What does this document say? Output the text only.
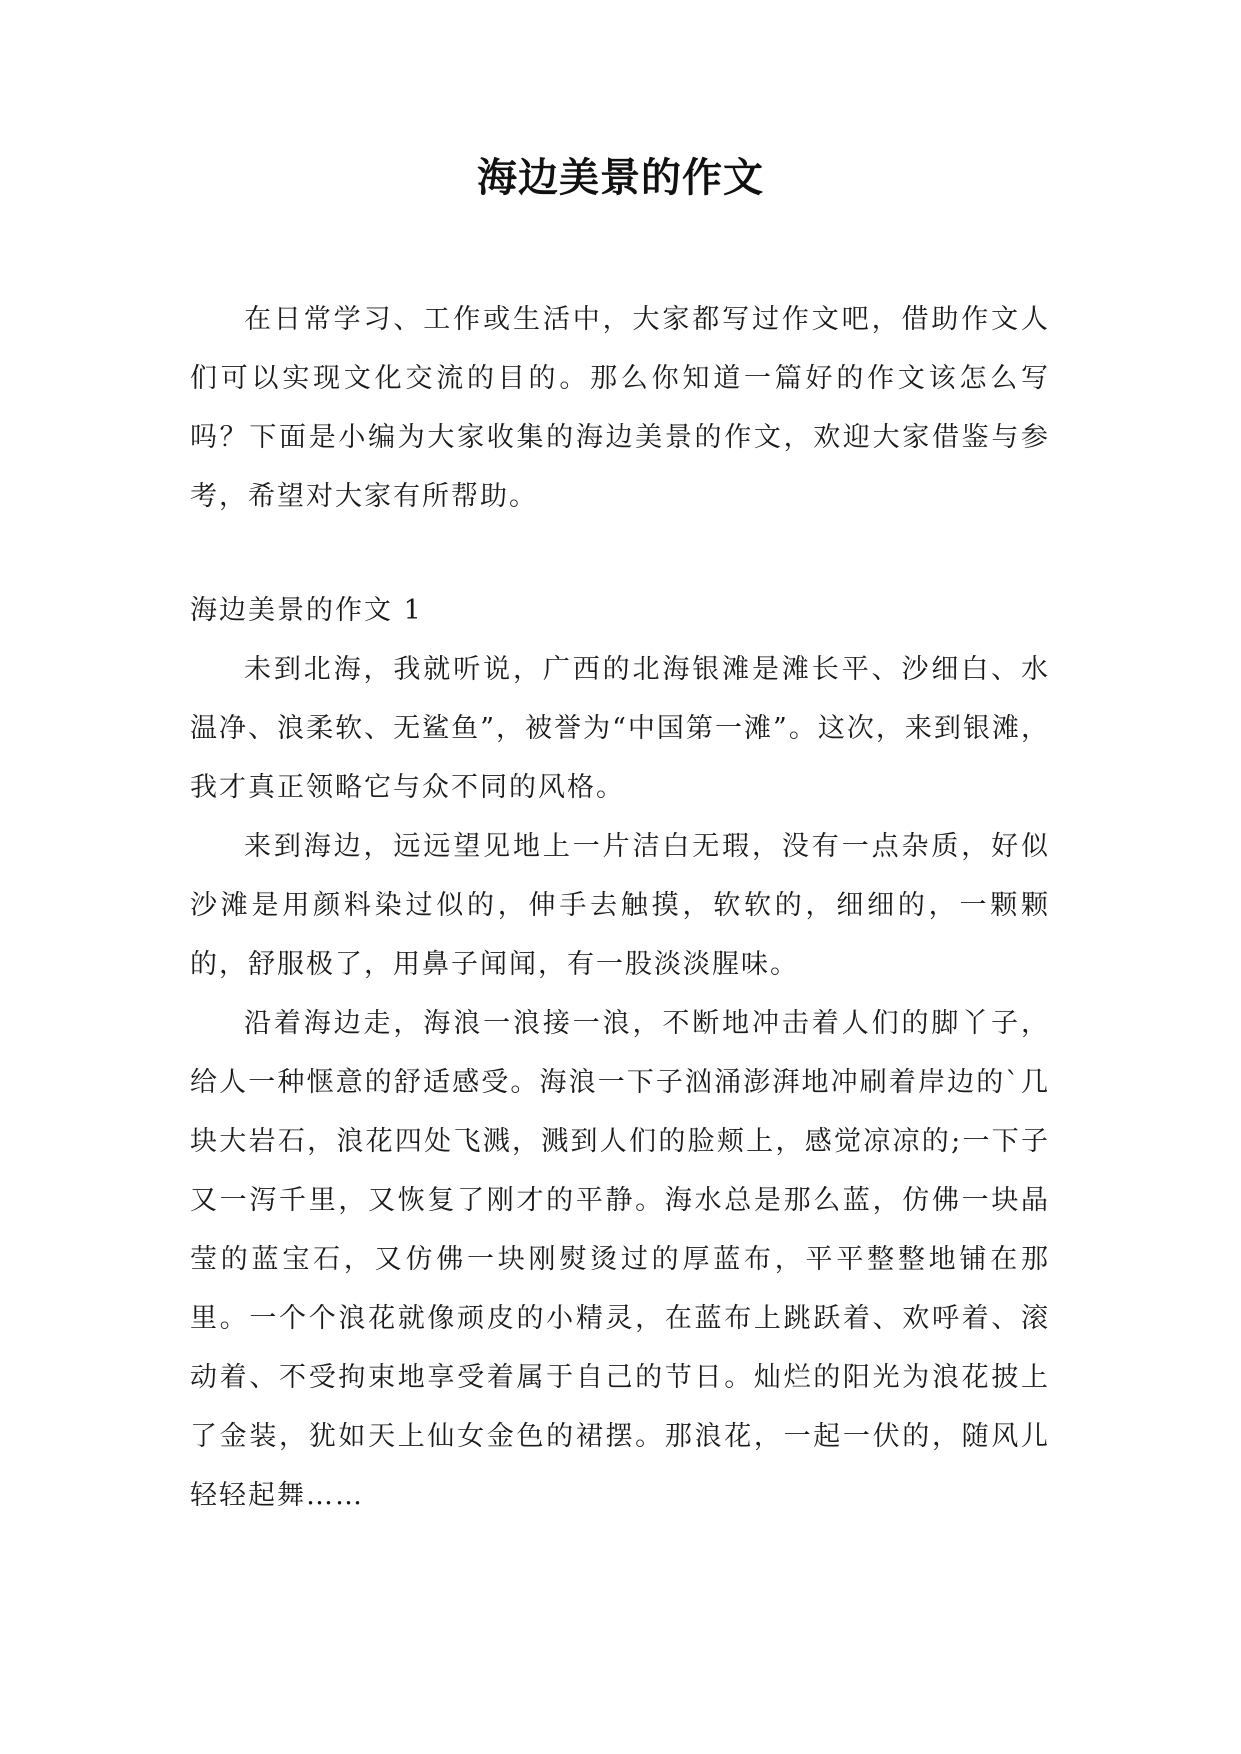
海边美景的作文

在日常学习、工作或生活中，大家都写过作文吧，借助作文人们可以实现文化交流的目的。那么你知道一篇好的作文该怎么写吗？下面是小编为大家收集的海边美景的作文，欢迎大家借鉴与参考，希望对大家有所帮助。

海边美景的作文 1

未到北海，我就听说，广西的北海银滩是滩长平、沙细白、水温净、浪柔软、无鲨鱼”，被誉为“中国第一滩”。这次，来到银滩，我才真正领略它与众不同的风格。

来到海边，远远望见地上一片洁白无瑕，没有一点杂质，好似沙滩是用颜料染过似的，伸手去触摸，软软的，细细的，一颗颗的，舒服极了，用鼻子闻闻，有一股淡淡腥味。

沿着海边走，海浪一浪接一浪，不断地冲击着人们的脚丫子，给人一种惬意的舒适感受。海浪一下子汹涌澎湃地冲刷着岸边的`几块大岩石，浪花四处飞溅，溅到人们的脸颊上，感觉凉凉的;一下子又一泻千里，又恢复了刚才的平静。海水总是那么蓝，仿佛一块晶莹的蓝宝石，又仿佛一块刚熨烫过的厚蓝布，平平整整地铺在那里。一个个浪花就像顽皮的小精灵，在蓝布上跳跃着、欢呼着、滚动着、不受拘束地享受着属于自己的节日。灿烂的阳光为浪花披上了金装，犹如天上仙女金色的裙摆。那浪花，一起一伏的，随风儿轻轻起舞……
